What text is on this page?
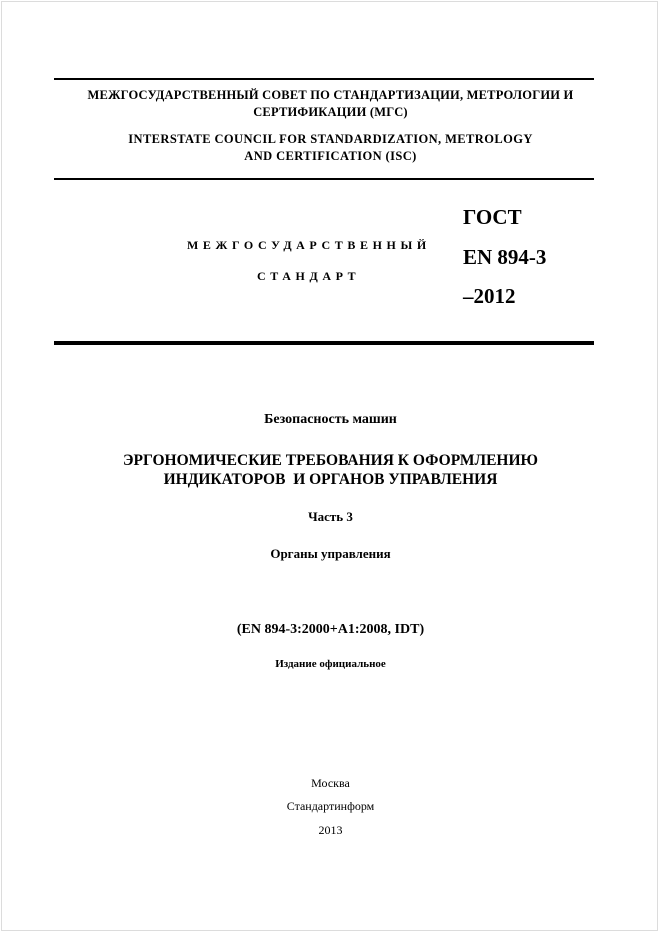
МЕЖГОСУДАРСТВЕННЫЙ СОВЕТ ПО СТАНДАРТИЗАЦИИ, МЕТРОЛОГИИ И
СЕРТИФИКАЦИИ (МГС)
INTERSTATE COUNCIL FOR STANDARDIZATION, METROLOGY
AND CERTIFICATION (ISC)
МЕЖГОСУДАРСТВЕННЫЙ
СТАНДАРТ
ГОСТ
EN 894-3
–2012
Безопасность машин
ЭРГОНОМИЧЕСКИЕ ТРЕБОВАНИЯ К ОФОРМЛЕНИЮ
ИНДИКАТОРОВ  И ОРГАНОВ УПРАВЛЕНИЯ
Часть 3
Органы управления
(EN 894-3:2000+A1:2008, IDT)
Издание официальное
Москва
Стандартинформ
2013
